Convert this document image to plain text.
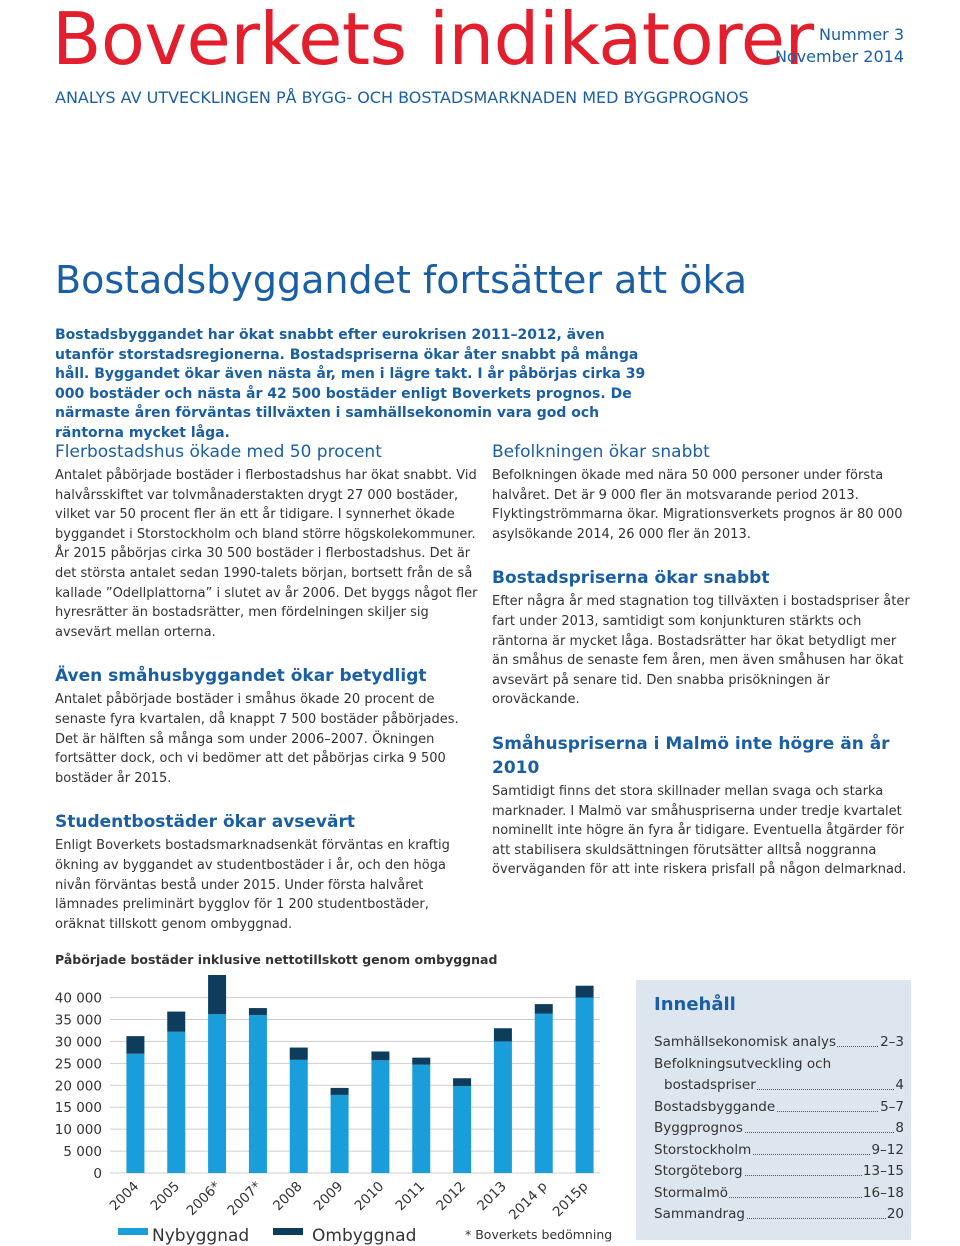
Boverkets indikatorer Nummer 3
November 2014
ANALYS AV UTVECKLINGEN PÅ BYGG- OCH BOSTADSMARKNADEN MED BYGGPROGNOS
Bostadsbyggandet fortsätter att öka
Bostadsbyggandet har ökat snabbt efter eurokrisen 2011–2012, även utanför storstadsregionerna. Bostadspriserna ökar åter snabbt på många håll. Byggandet ökar även nästa år, men i lägre takt. I år påbörjas cirka 39 000 bostäder och nästa år 42 500 bostäder enligt Boverkets prognos. De närmaste åren förväntas tillväxten i samhällsekonomin vara god och räntorna mycket låga.
Flerbostadshus ökade med 50 procent

Antalet påbörjade bostäder i flerbostadshus har ökat snabbt. Vid halvårsskiftet var tolvmånaderstakten drygt 27 000 bostäder, vilket var 50 procent fler än ett år tidigare. I synnerhet ökade byggandet i Storstockholm och bland större högskolekommuner. År 2015 påbörjas cirka 30 500 bostäder i flerbostadshus. Det är det största antalet sedan 1990-talets början, bortsett från de så kallade ”Odellplattorna” i slutet av år 2006. Det byggs något fler hyresrätter än bostadsrätter, men fördelningen skiljer sig avsevärt mellan orterna.

Även småhusbyggandet ökar betydligt

Antalet påbörjade bostäder i småhus ökade 20 procent de senaste fyra kvartalen, då knappt 7 500 bostäder påbörjades. Det är hälften så många som under 2006–2007. Ökningen fortsätter dock, och vi bedömer att det påbörjas cirka 9 500 bostäder år 2015.

Studentbostäder ökar avsevärt

Enligt Boverkets bostadsmarknadsenkät förväntas en kraftig ökning av byggandet av studentbostäder i år, och den höga nivån förväntas bestå under 2015. Under första halvåret lämnades preliminärt bygglov för 1 200 studentbostäder, oräknat tillskott genom ombyggnad.

Befolkningen ökar snabbt

Befolkningen ökade med nära 50 000 personer under första halvåret. Det är 9 000 fler än motsvarande period 2013. Flyktingströmmarna ökar. Migrationsverkets prognos är 80 000 asylsökande 2014, 26 000 fler än 2013.

Bostadspriserna ökar snabbt

Efter några år med stagnation tog tillväxten i bostadspriser åter fart under 2013, samtidigt som konjunkturen stärkts och räntorna är mycket låga. Bostadsrätter har ökat betydligt mer än småhus de senaste fem åren, men även småhusen har ökat avsevärt på senare tid. Den snabba prisökningen är oroväckande.

Småhuspriserna i Malmö inte högre än år 2010

Samtidigt finns det stora skillnader mellan svaga och starka marknader. I Malmö var småhuspriserna under tredje kvartalet nominellt inte högre än fyra år tidigare. Eventuella åtgärder för att stabilisera skuldsättningen förutsätter alltså noggranna överväganden för att inte riskera prisfall på någon delmarknad.

Påbörjade bostäder inklusive nettotillskott genom ombyggnad
40 000
35 000
30 000
25 000
20 000
15 000
10 000
5 000
0
2004 2005 2006* 2007* 2008 2009 2010 2011 2012 2013
2014 p 2015p
Nybyggnad	Ombyggnad	* Boverkets bedömning
Innehåll
Samhällsekonomisk analys	2–3
Befolkningsutveckling och
bostadspriser	4
Bostadsbyggande	5–7
Byggprognos	8
Storstockholm	9–12
Storgöteborg	13–15
Stormalmö	16–18
Sammandrag	20
